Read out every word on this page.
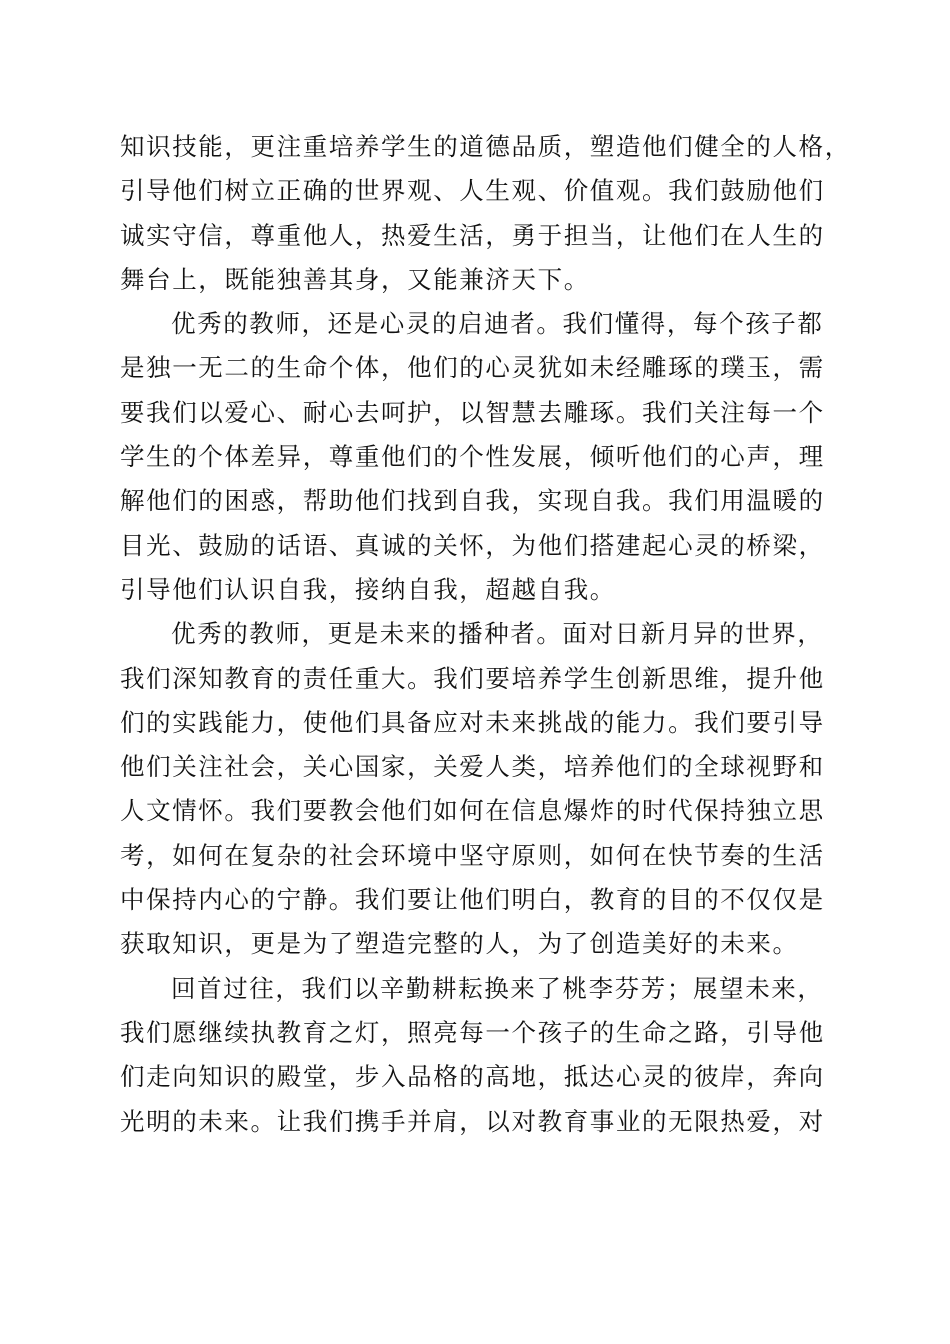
知识技能，更注重培养学生的道德品质，塑造他们健全的人格，
引导他们树立正确的世界观、人生观、价值观。我们鼓励他们
诚实守信，尊重他人，热爱生活，勇于担当，让他们在人生的
舞台上，既能独善其身，又能兼济天下。
优秀的教师，还是心灵的启迪者。我们懂得，每个孩子都
是独一无二的生命个体，他们的心灵犹如未经雕琢的璞玉，需
要我们以爱心、耐心去呵护，以智慧去雕琢。我们关注每一个
学生的个体差异，尊重他们的个性发展，倾听他们的心声，理
解他们的困惑，帮助他们找到自我，实现自我。我们用温暖的
目光、鼓励的话语、真诚的关怀，为他们搭建起心灵的桥梁，
引导他们认识自我，接纳自我，超越自我。
优秀的教师，更是未来的播种者。面对日新月异的世界，
我们深知教育的责任重大。我们要培养学生创新思维，提升他
们的实践能力，使他们具备应对未来挑战的能力。我们要引导
他们关注社会，关心国家，关爱人类，培养他们的全球视野和
人文情怀。我们要教会他们如何在信息爆炸的时代保持独立思
考，如何在复杂的社会环境中坚守原则，如何在快节奏的生活
中保持内心的宁静。我们要让他们明白，教育的目的不仅仅是
获取知识，更是为了塑造完整的人，为了创造美好的未来。
回首过往，我们以辛勤耕耘换来了桃李芬芳；展望未来，
我们愿继续执教育之灯，照亮每一个孩子的生命之路，引导他
们走向知识的殿堂，步入品格的高地，抵达心灵的彼岸，奔向
光明的未来。让我们携手并肩，以对教育事业的无限热爱，对
